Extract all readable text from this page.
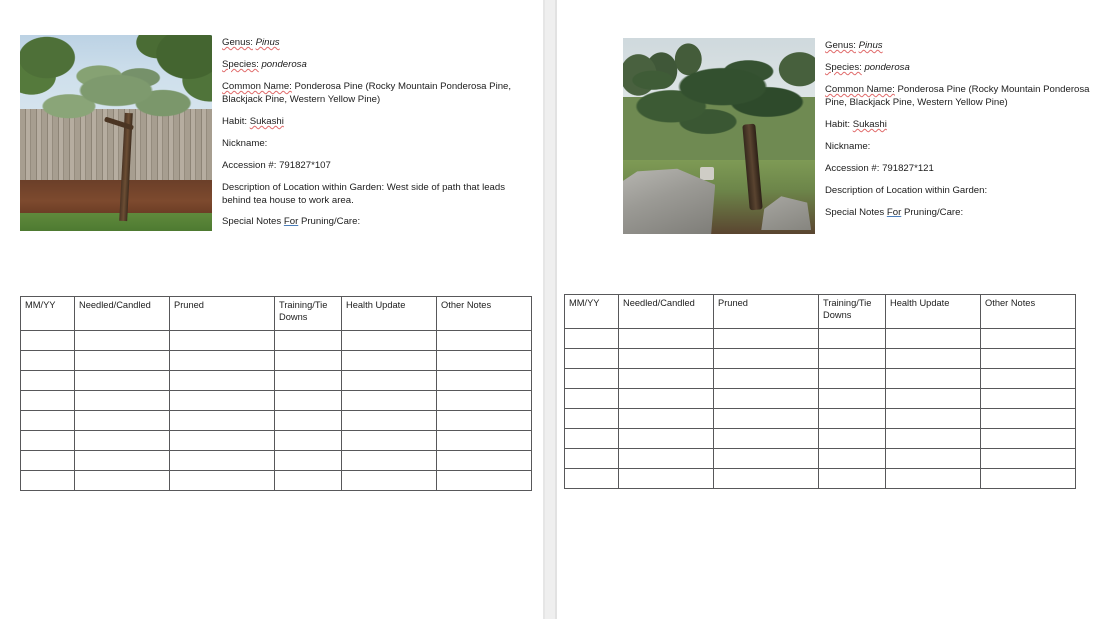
Genus: Pinus

Species: ponderosa

Common Name: Ponderosa Pine (Rocky Mountain Ponderosa Pine, Blackjack Pine, Western Yellow Pine)

Habit: Sukashi

Nickname:

Accession #: 791827*107

Description of Location within Garden: West side of path that leads behind tea house to work area.

Special Notes For Pruning/Care:

MM/YY	Needled/Candled	Pruned	Training/Tie Downs	Health Update	Other Notes

Genus: Pinus

Species: ponderosa

Common Name: Ponderosa Pine (Rocky Mountain Ponderosa Pine, Blackjack Pine, Western Yellow Pine)

Habit: Sukashi

Nickname:

Accession #: 791827*121

Description of Location within Garden:

Special Notes For Pruning/Care:

MM/YY	Needled/Candled	Pruned	Training/Tie Downs	Health Update	Other Notes
